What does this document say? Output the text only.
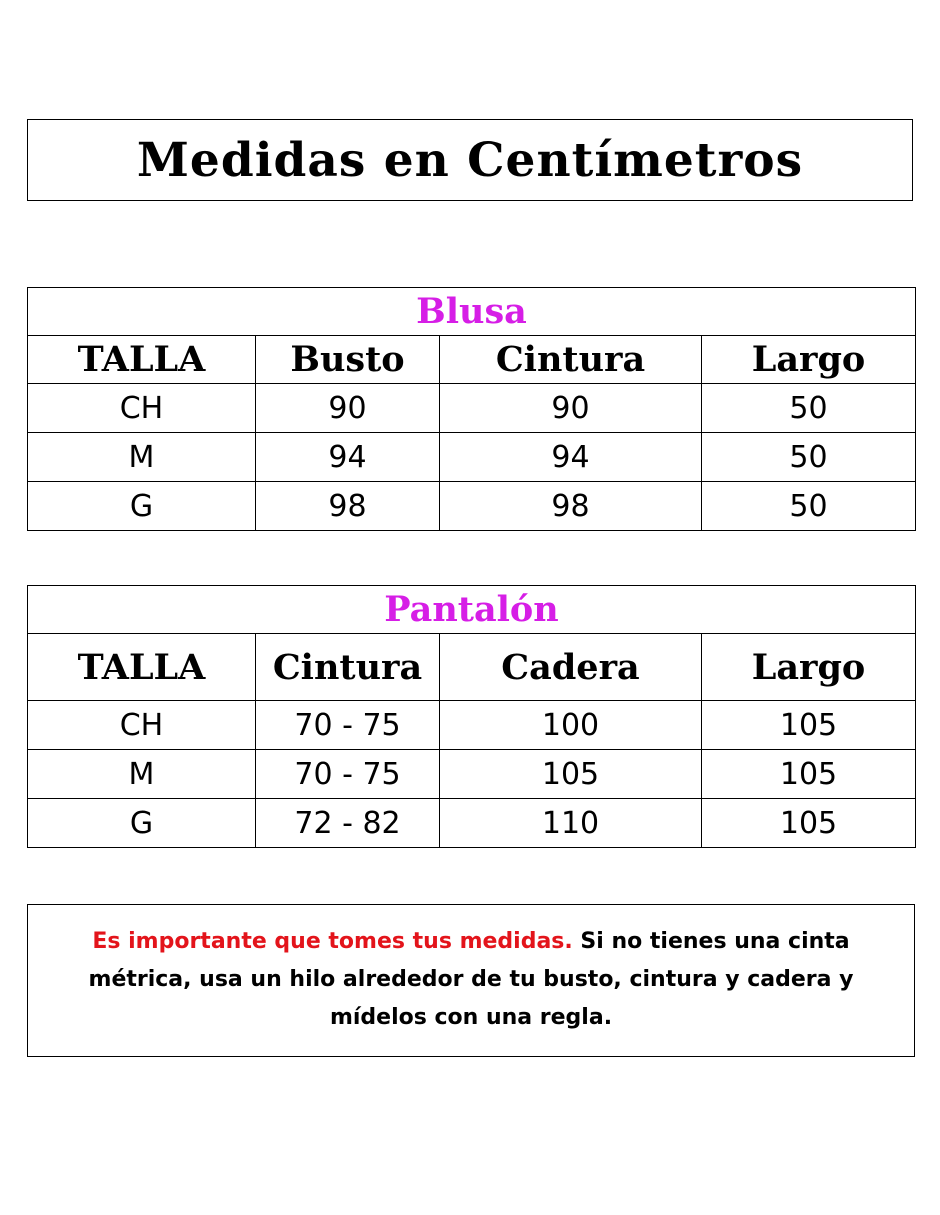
Medidas en Centímetros
Blusa			
TALLA	Busto	Cintura	Largo
CH	90	90	50
M	94	94	50
G	98	98	50
Pantalón			
TALLA	Cintura	Cadera	Largo
CH	70 - 75	100	105
M	70 - 75	105	105
G	72 - 82	110	105

Es importante que tomes tus medidas. Si no tienes una cinta métrica, usa un hilo alrededor de tu busto, cintura y cadera y mídelos con una regla.
